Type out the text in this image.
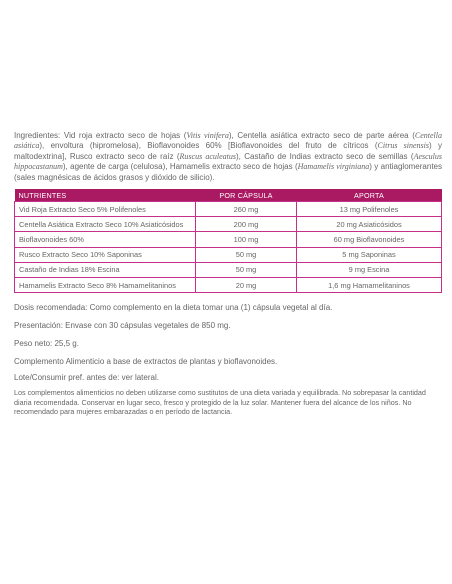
Ingredientes: Vid roja extracto seco de hojas (Vitis vinifera), Centella asiática extracto seco de parte aérea (Centella asiática), envoltura (hipromelosa), Bioflavonoides 60% [Bioflavonoides del fruto de cítricos (Citrus sinensis) y maltodextrina], Rusco extracto seco de raíz (Ruscus aculeatus), Castaño de Indias extracto seco de semillas (Aesculus hippocastanum), agente de carga (celulosa), Hamamelis extracto seco de hojas (Hamamelis virginiana) y antiaglomerantes (sales magnésicas de ácidos grasos y dióxido de silicio).

NUTRIENTES	POR CÁPSULA	APORTA
Vid Roja Extracto Seco 5% Polifenoles	260 mg	13 mg Polifenoles
Centella Asiática Extracto Seco 10% Asiaticósidos	200 mg	20 mg Asiaticósidos
Bioflavonoides 60%	100 mg	60 mg Bioflavonoides
Rusco Extracto Seco 10% Saponinas	50 mg	5 mg Saponinas
Castaño de Indias 18% Escina	50 mg	9 mg Escina
Hamamelis Extracto Seco 8% Hamamelitaninos	20 mg	1,6 mg Hamamelitaninos

Dosis recomendada: Como complemento en la dieta tomar una (1) cápsula vegetal al día.

Presentación: Envase con 30 cápsulas vegetales de 850 mg.

Peso neto: 25,5 g.

Complemento Alimenticio a base de extractos de plantas y bioflavonoides.

Lote/Consumir pref. antes de: ver lateral.

Los complementos alimenticios no deben utilizarse como sustitutos de una dieta variada y equilibrada. No sobrepasar la cantidad diaria recomendada. Conservar en lugar seco, fresco y protegido de la luz solar. Mantener fuera del alcance de los niños. No recomendado para mujeres embarazadas o en período de lactancia.
